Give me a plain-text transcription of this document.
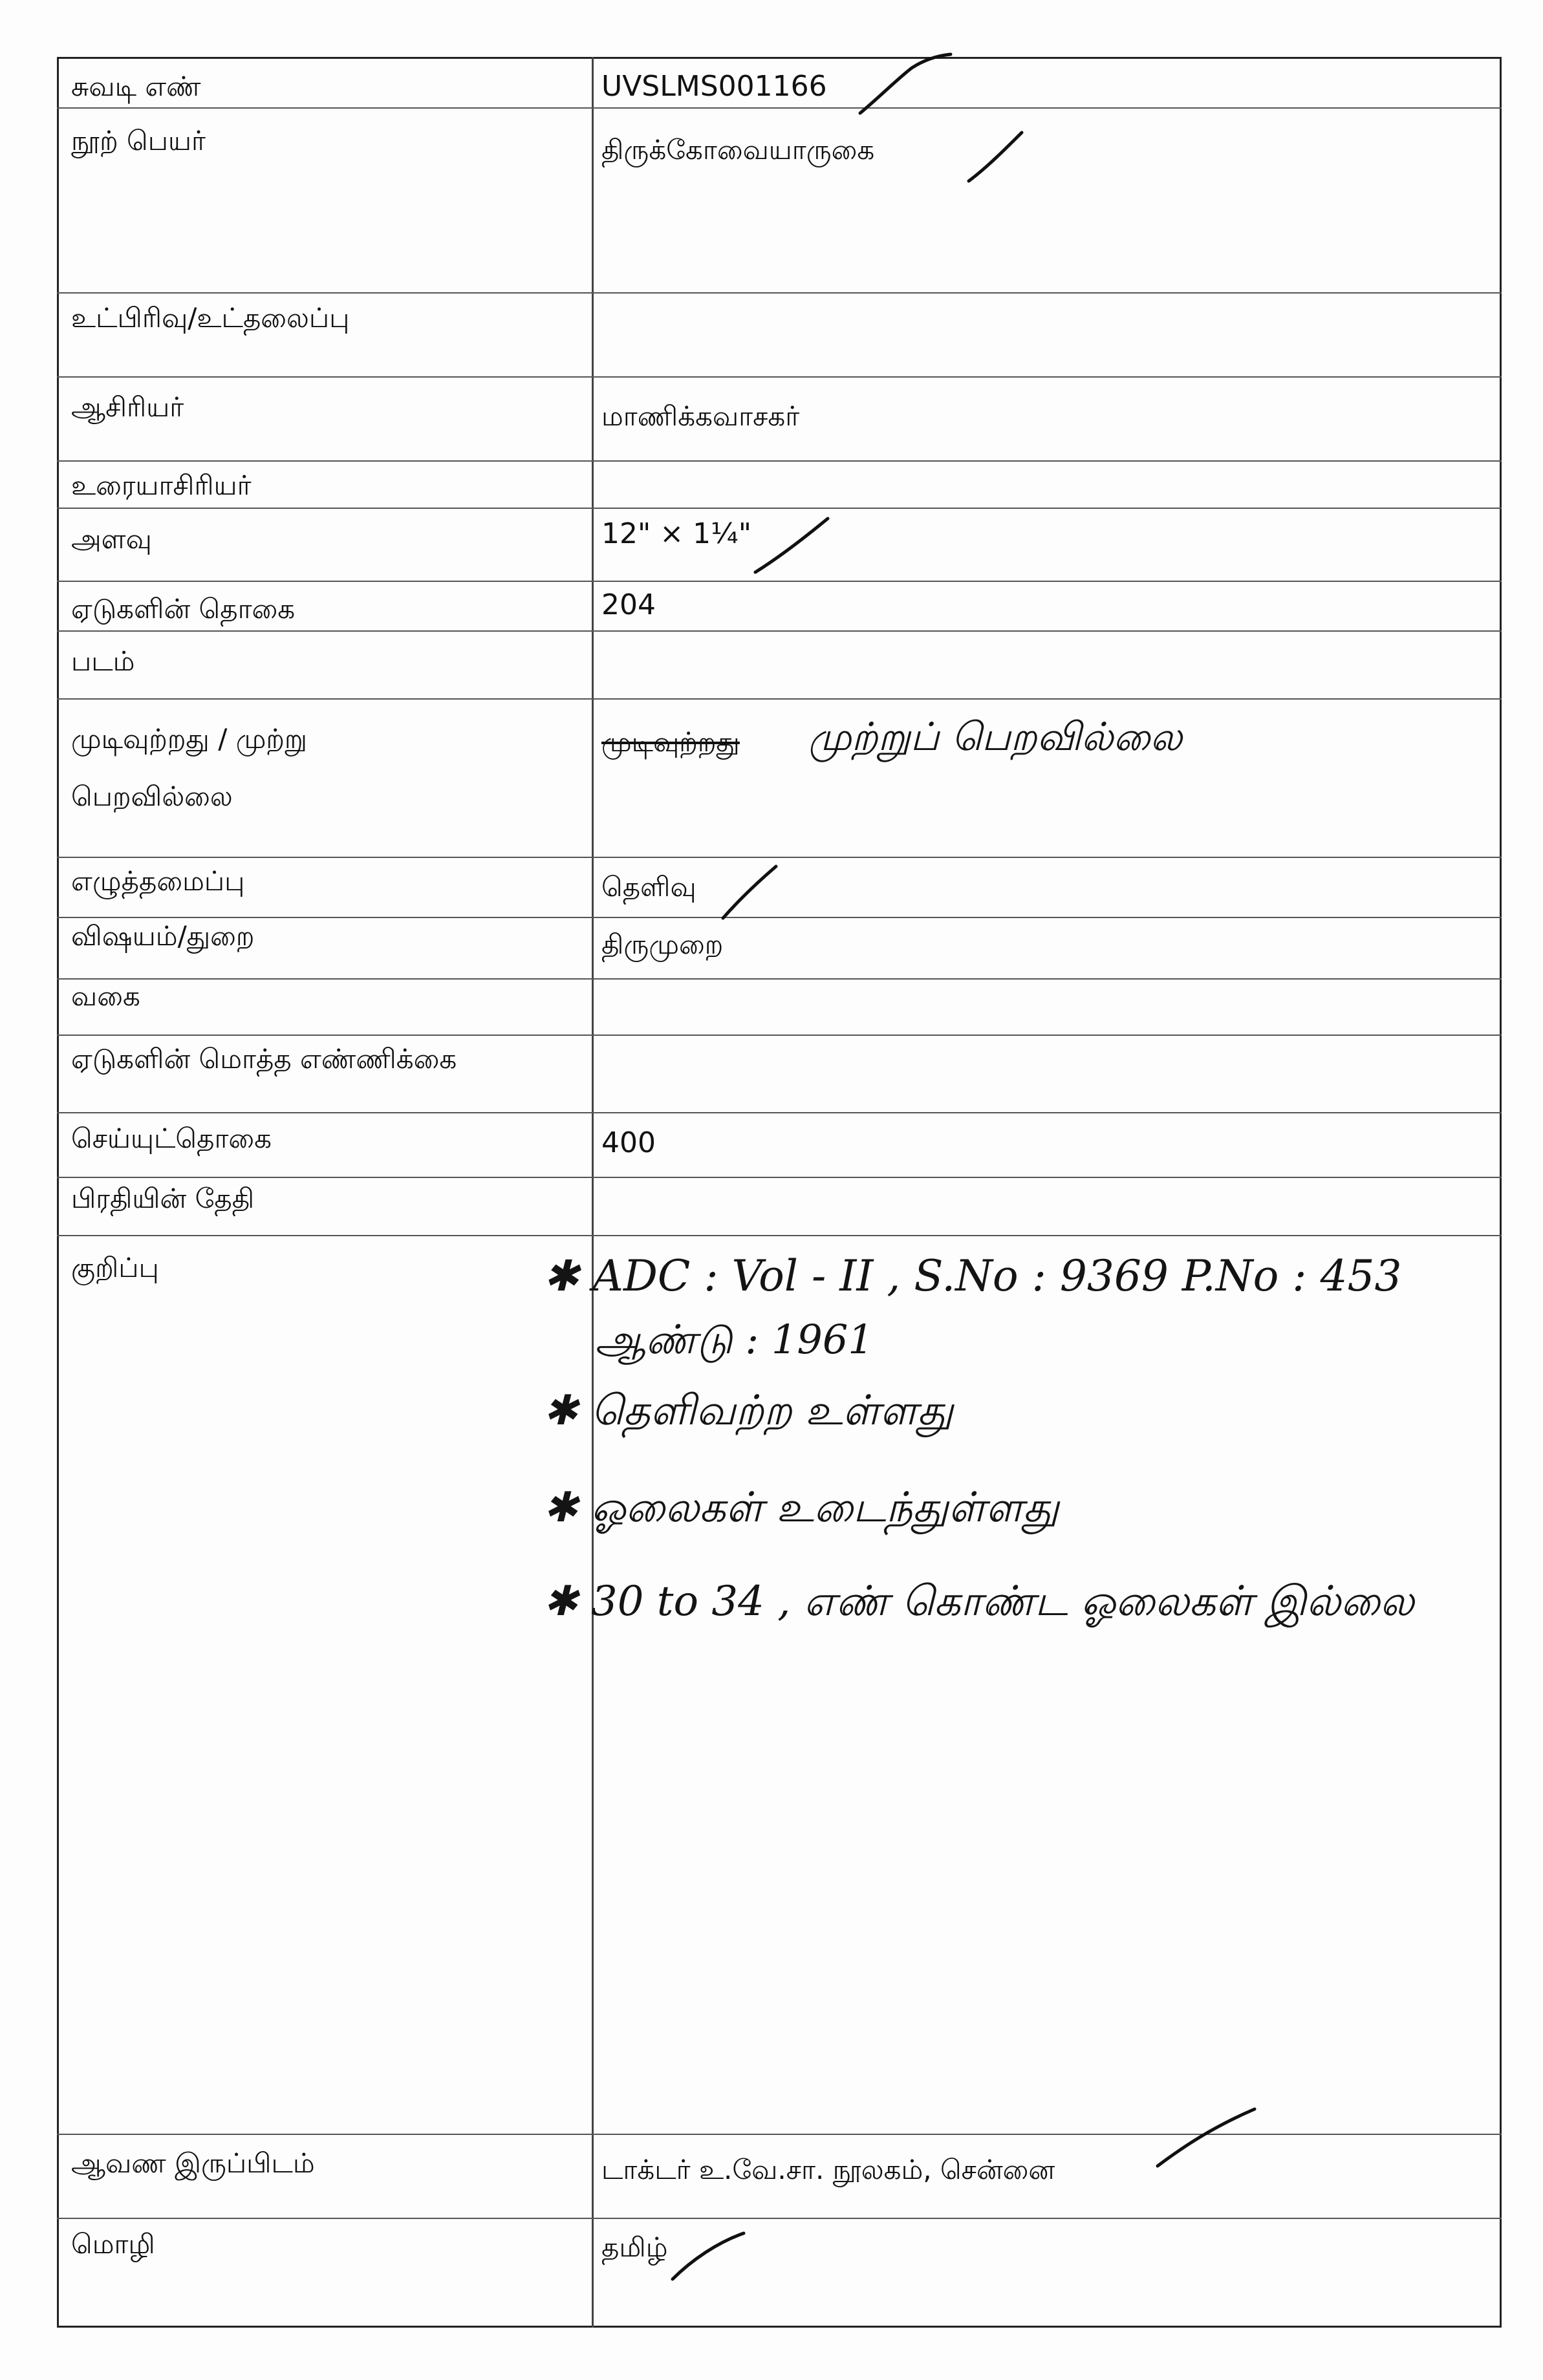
சுவடி எண்
நூற் பெயர்
உட்பிரிவு/உட்தலைப்பு
ஆசிரியர்
உரையாசிரியர்
அளவு
ஏடுகளின் தொகை
படம்
முடிவுற்றது / முற்று
பெறவில்லை
எழுத்தமைப்பு
விஷயம்/துறை
வகை
ஏடுகளின் மொத்த எண்ணிக்கை
செய்யுட்தொகை
பிரதியின் தேதி
குறிப்பு
ஆவண இருப்பிடம்
மொழி
UVSLMS001166
திருக்கோவையாருகை
மாணிக்கவாசகர்
12" × 1¼"
204
முடிவுற்றது முற்றுப் பெறவில்லை
தெளிவு
திருமுறை
400
டாக்டர் உ.வே.சா. நூலகம், சென்னை
தமிழ்
✱ ADC : Vol - II , S.No : 9369 P.No : 453
ஆண்டு : 1961
✱ தெளிவற்ற உள்ளது
✱ ஓலைகள் உடைந்துள்ளது
✱ 30 to 34 , எண் கொண்ட ஓலைகள் இல்லை
